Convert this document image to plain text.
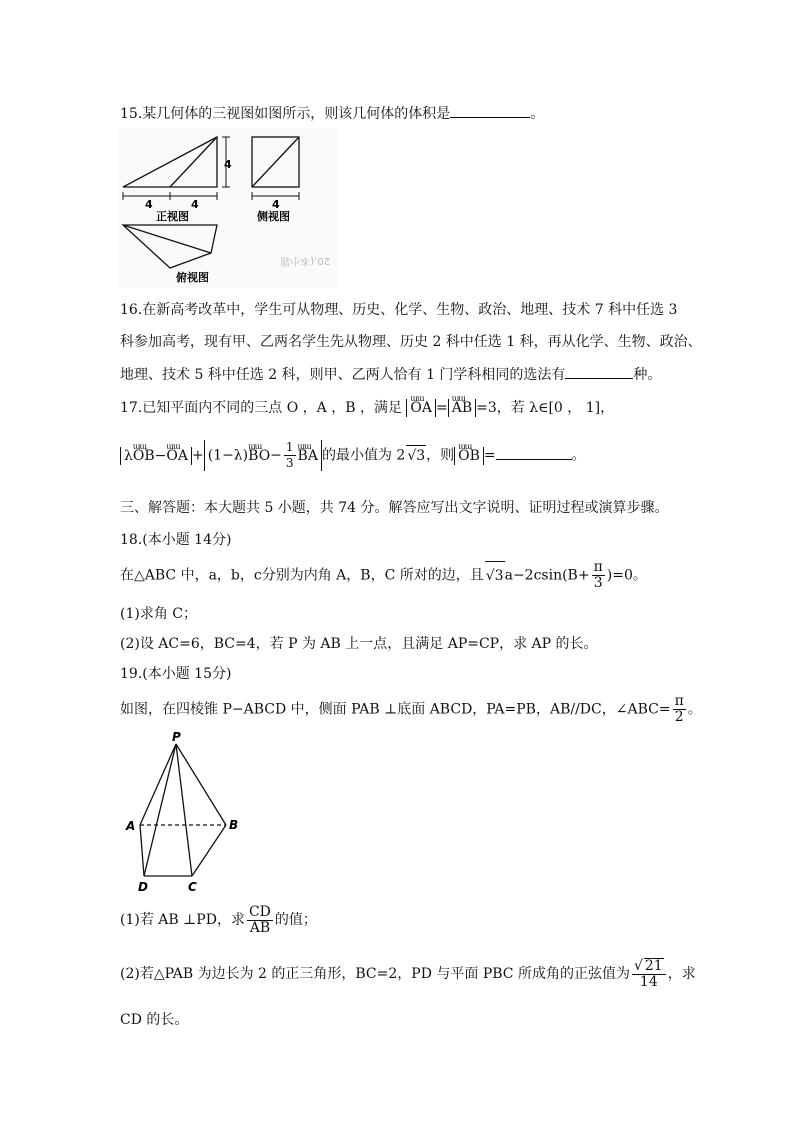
15.某几何体的三视图如图所示，则该几何体的体积是	。
4	4
4
正视图
4
侧视图
俯视图
20.(本小题
16.在新高考改革中，学生可从物理、历史、化学、生物、政治、地理、技术 7 科中任选 3
科参加高考，现有甲、乙两名学生先从物理、历史 2 科中任选 1 科，再从化学、生物、政治、
地理、技术 5 科中任选 2 科，则甲、乙两人恰有 1 门学科相同的选法有	种。
17.已知平面内不同的三点 O ，A ，B ，满足 ɯɯ OA = ɯɯ AB =3，若 λ∈[0 ， 1]，
λɯɯ OB−ɯɯ OA + (1−λ)ɯɯ $BO- \frac{1}{3}$ ɯɯ BA 的最小值为 2 √3，则 ɯɯ OB =	。
三、解答题：本大题共 5 小题，共 74 分。解答应写出文字说明、证明过程或演算步骤。
18.(本小题 14分)
在△ABC 中，a，b，c分别为内角 A，B，C 所对的边，且 $√3a-2csin(B+ \frac{\pi}{3} )=0$。
(1)求角 C；
(2)设 AC=6，BC=4，若 P 为 AB 上一点，且满足 AP=CP，求 AP 的长。
19.(本小题 15分)
如图，在四棱锥 P−ABCD 中，侧面 PAB ⊥底面 ABCD，PA=PB，AB//DC，∠ABC= $\frac{\pi}{2}$ 。
P
A	B
D	C
(1)若 AB ⊥PD，求 $\frac{CD}{AB}$ 的值；
(2)若△PAB 为边长为 2 的正三角形，BC=2，PD 与平面 PBC 所成角的正弦值为 $\frac{√ 21}{14}$ ，求
CD 的长。
